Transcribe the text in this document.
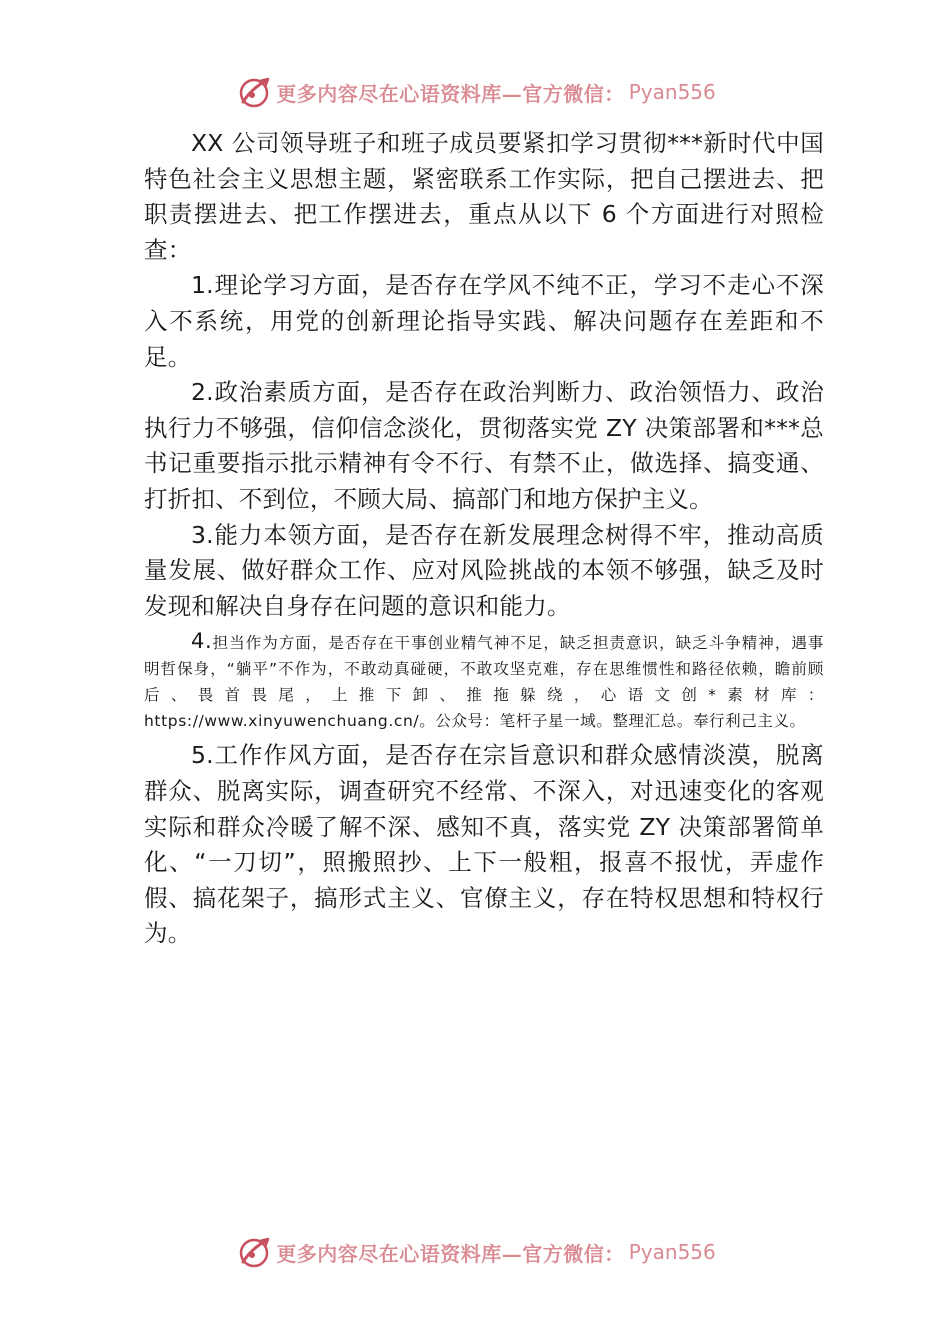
更多内容尽在心语资料库—官方微信： Pyan556

XX 公司领导班子和班子成员要紧扣学习贯彻***新时代中国特色社会主义思想主题，紧密联系工作实际，把自己摆进去、把职责摆进去、把工作摆进去，重点从以下 6 个方面进行对照检查：

1.理论学习方面，是否存在学风不纯不正，学习不走心不深入不系统，用党的创新理论指导实践、解决问题存在差距和不足。

2.政治素质方面，是否存在政治判断力、政治领悟力、政治执行力不够强，信仰信念淡化，贯彻落实党 ZY 决策部署和***总书记重要指示批示精神有令不行、有禁不止，做选择、搞变通、打折扣、不到位，不顾大局、搞部门和地方保护主义。

3.能力本领方面，是否存在新发展理念树得不牢，推动高质量发展、做好群众工作、应对风险挑战的本领不够强，缺乏及时发现和解决自身存在问题的意识和能力。

4.担当作为方面，是否存在干事创业精气神不足，缺乏担责意识，缺乏斗争精神，遇事明哲保身，“躺平”不作为，不敢动真碰硬，不敢攻坚克难，存在思维惯性和路径依赖，瞻前顾后、畏首畏尾，上推下卸、推拖躲绕，心语文创*素材库：https://www.xinyuwenchuang.cn/。公众号：笔杆子星一域。整理汇总。奉行利己主义。

5.工作作风方面，是否存在宗旨意识和群众感情淡漠，脱离群众、脱离实际，调查研究不经常、不深入，对迅速变化的客观实际和群众冷暖了解不深、感知不真，落实党 ZY 决策部署简单化、“一刀切”，照搬照抄、上下一般粗，报喜不报忧，弄虚作假、搞花架子，搞形式主义、官僚主义，存在特权思想和特权行为。

更多内容尽在心语资料库—官方微信： Pyan556
